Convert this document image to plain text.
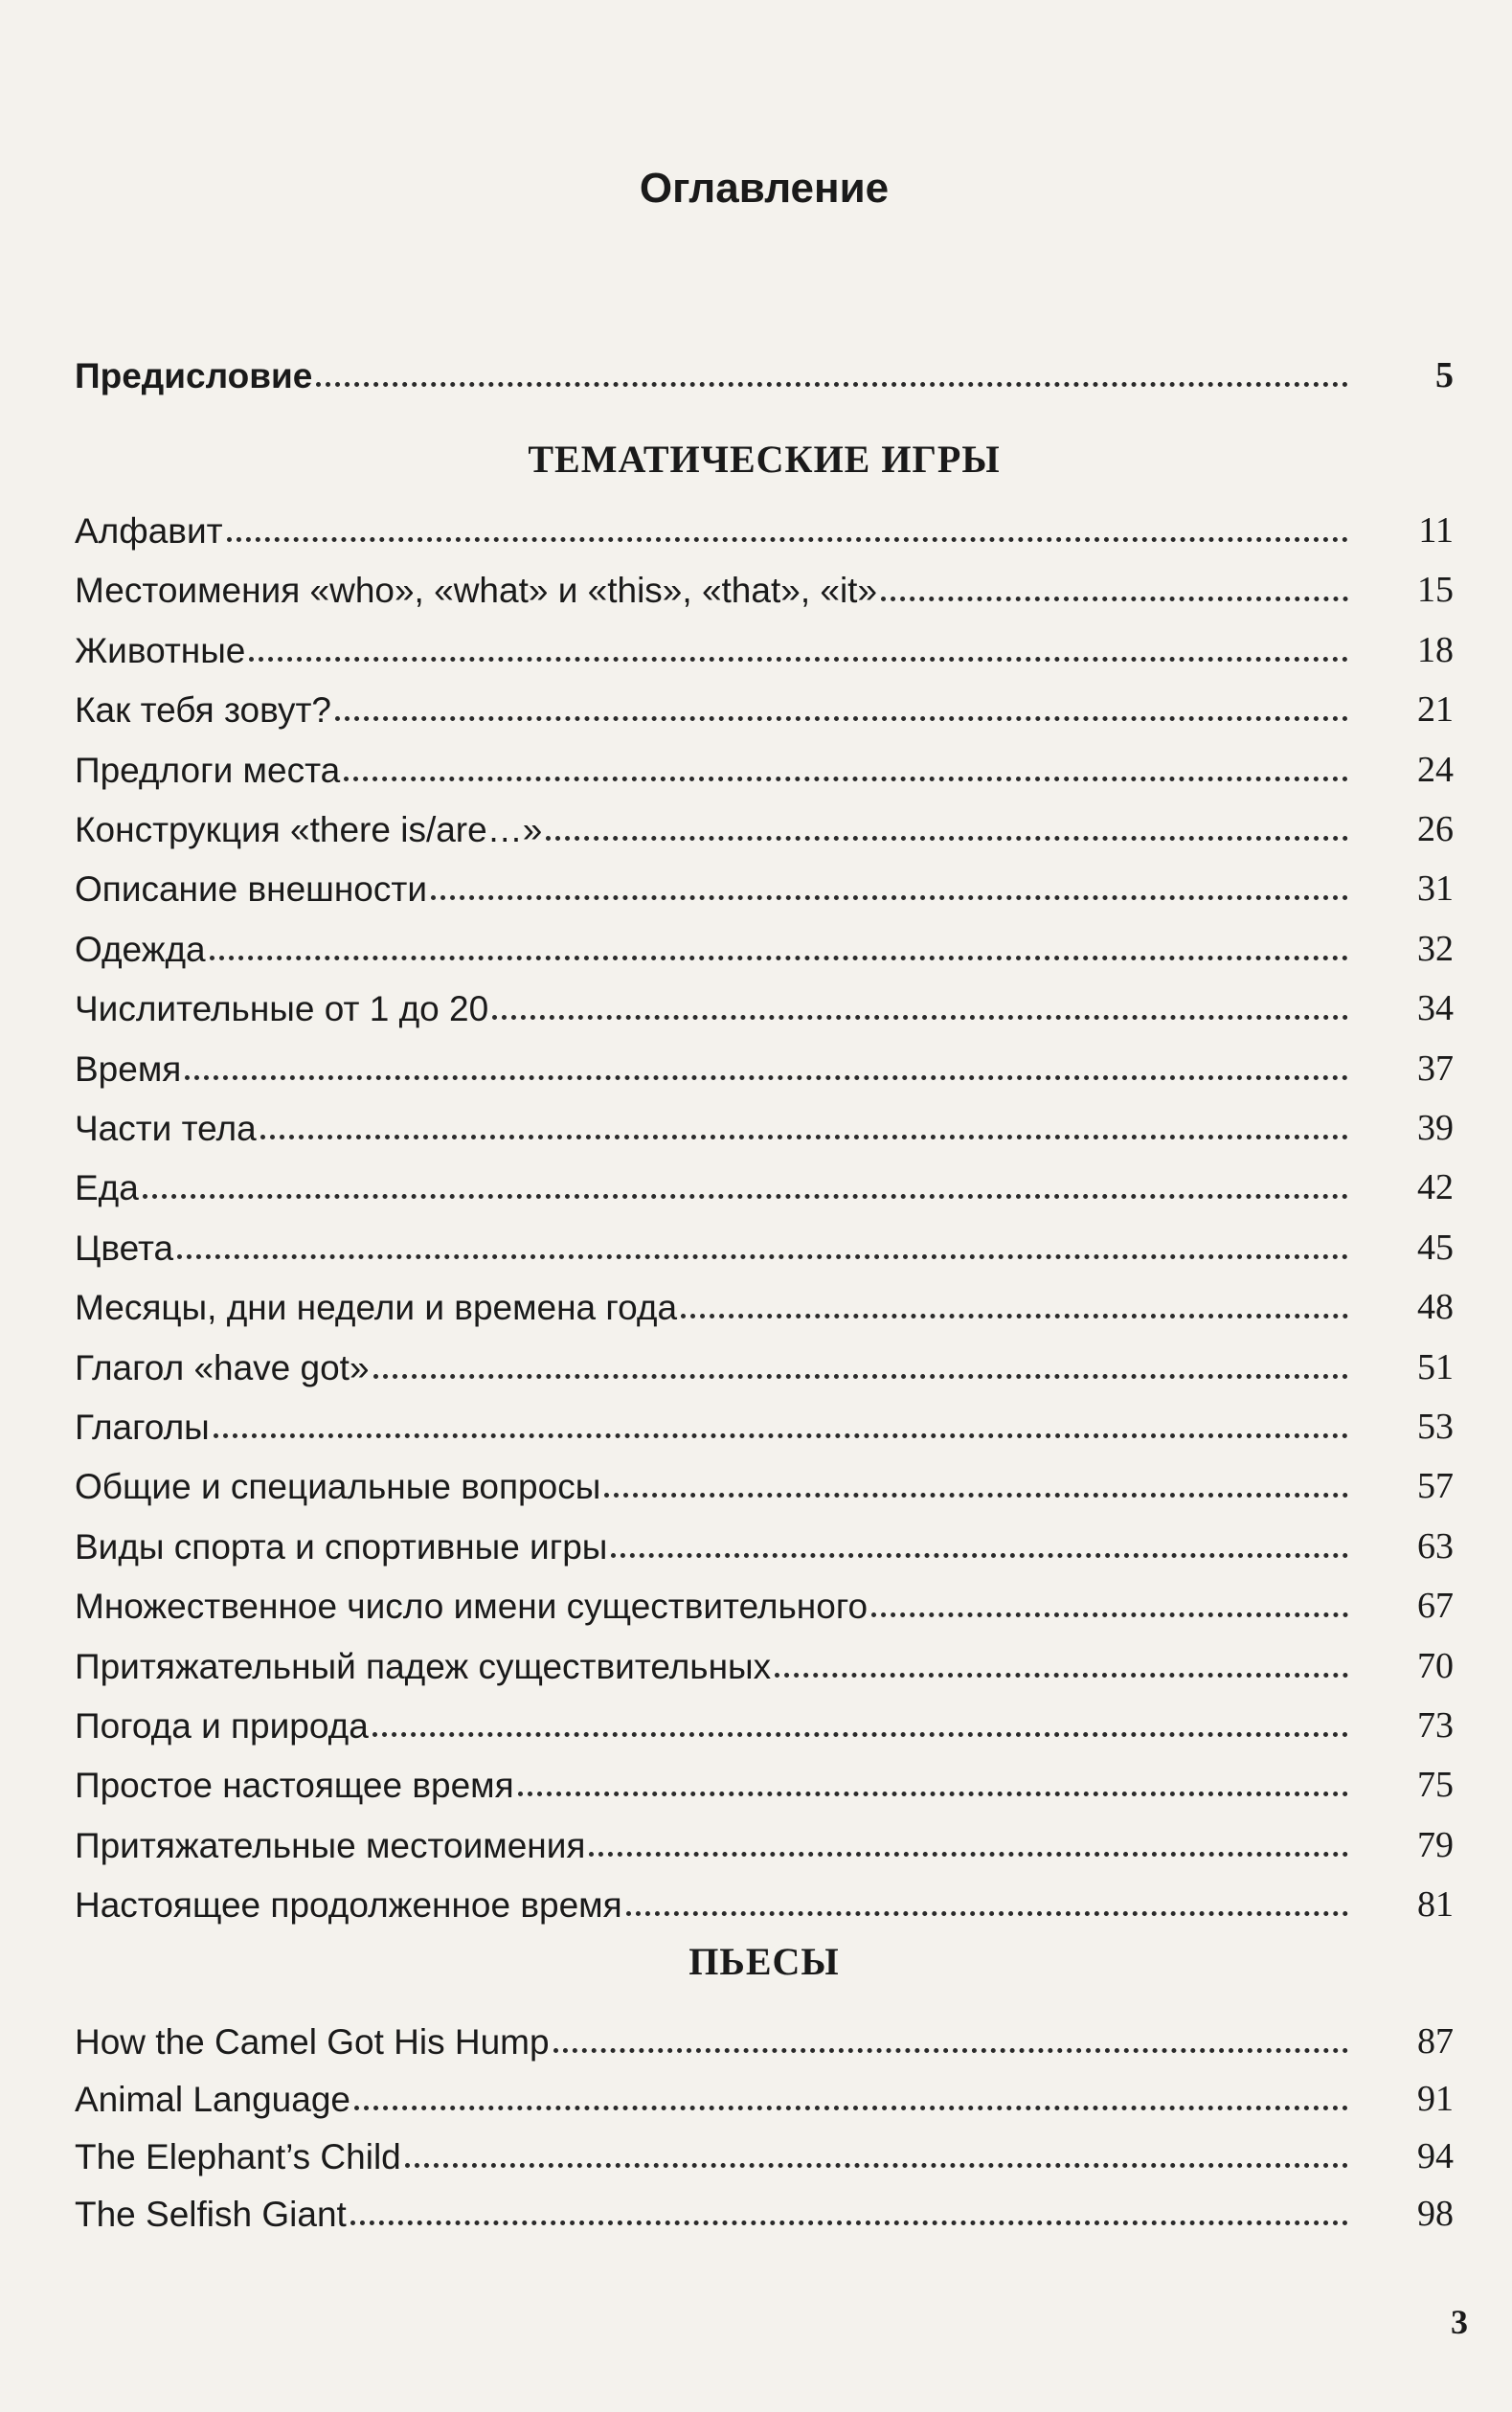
Оглавление
Предисловие	5
ТЕМАТИЧЕСКИЕ ИГРЫ
Алфавит	11
Местоимения «who», «what» и «this», «that», «it»	15
Животные	18
Как тебя зовут?	21
Предлоги места	24
Конструкция «there is/are…»	26
Описание внешности	31
Одежда	32
Числительные от 1 до 20	34
Время	37
Части тела	39
Еда	42
Цвета	45
Месяцы, дни недели и времена года	48
Глагол «have got»	51
Глаголы	53
Общие и специальные вопросы	57
Виды спорта и спортивные игры	63
Множественное число имени существительного	67
Притяжательный падеж существительных	70
Погода и природа	73
Простое настоящее время	75
Притяжательные местоимения	79
Настоящее продолженное время	81
ПЬЕСЫ
How the Camel Got His Hump	87
Animal Language	91
The Elephant’s Child	94
The Selfish Giant	98
3
